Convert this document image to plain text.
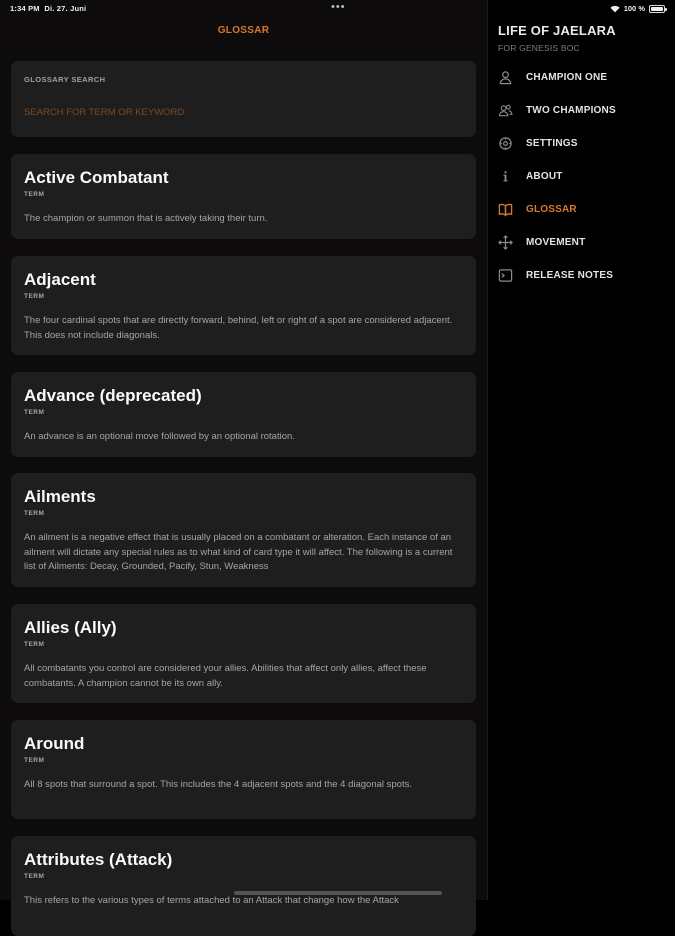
GLOSSAR
GLOSSARY SEARCH
SEARCH FOR TERM OR KEYWORD
Active Combatant
TERM
The champion or summon that is actively taking their turn.
Adjacent
TERM
The four cardinal spots that are directly forward, behind, left or right of a spot are considered adjacent. This does not include diagonals.
Advance (deprecated)
TERM
An advance is an optional move followed by an optional rotation.
Ailments
TERM
An ailment is a negative effect that is usually placed on a combatant or alteration. Each instance of an ailment will dictate any special rules as to what kind of card type it will affect. The following is a current list of Ailments: Decay, Grounded, Pacify, Stun, Weakness
Allies (Ally)
TERM
All combatants you control are considered your allies. Abilities that affect only allies, affect these combatants. A champion cannot be its own ally.
Around
TERM
All 8 spots that surround a spot. This includes the 4 adjacent spots and the 4 diagonal spots.
Attributes (Attack)
TERM
This refers to the various types of terms attached to an Attack that change how the Attack
LIFE OF JAELARA
FOR GENESIS BOC
CHAMPION ONE
TWO CHAMPIONS
SETTINGS
ABOUT
GLOSSAR
MOVEMENT
RELEASE NOTES
1:34 PM Di. 27. Juni	•••	100 %
